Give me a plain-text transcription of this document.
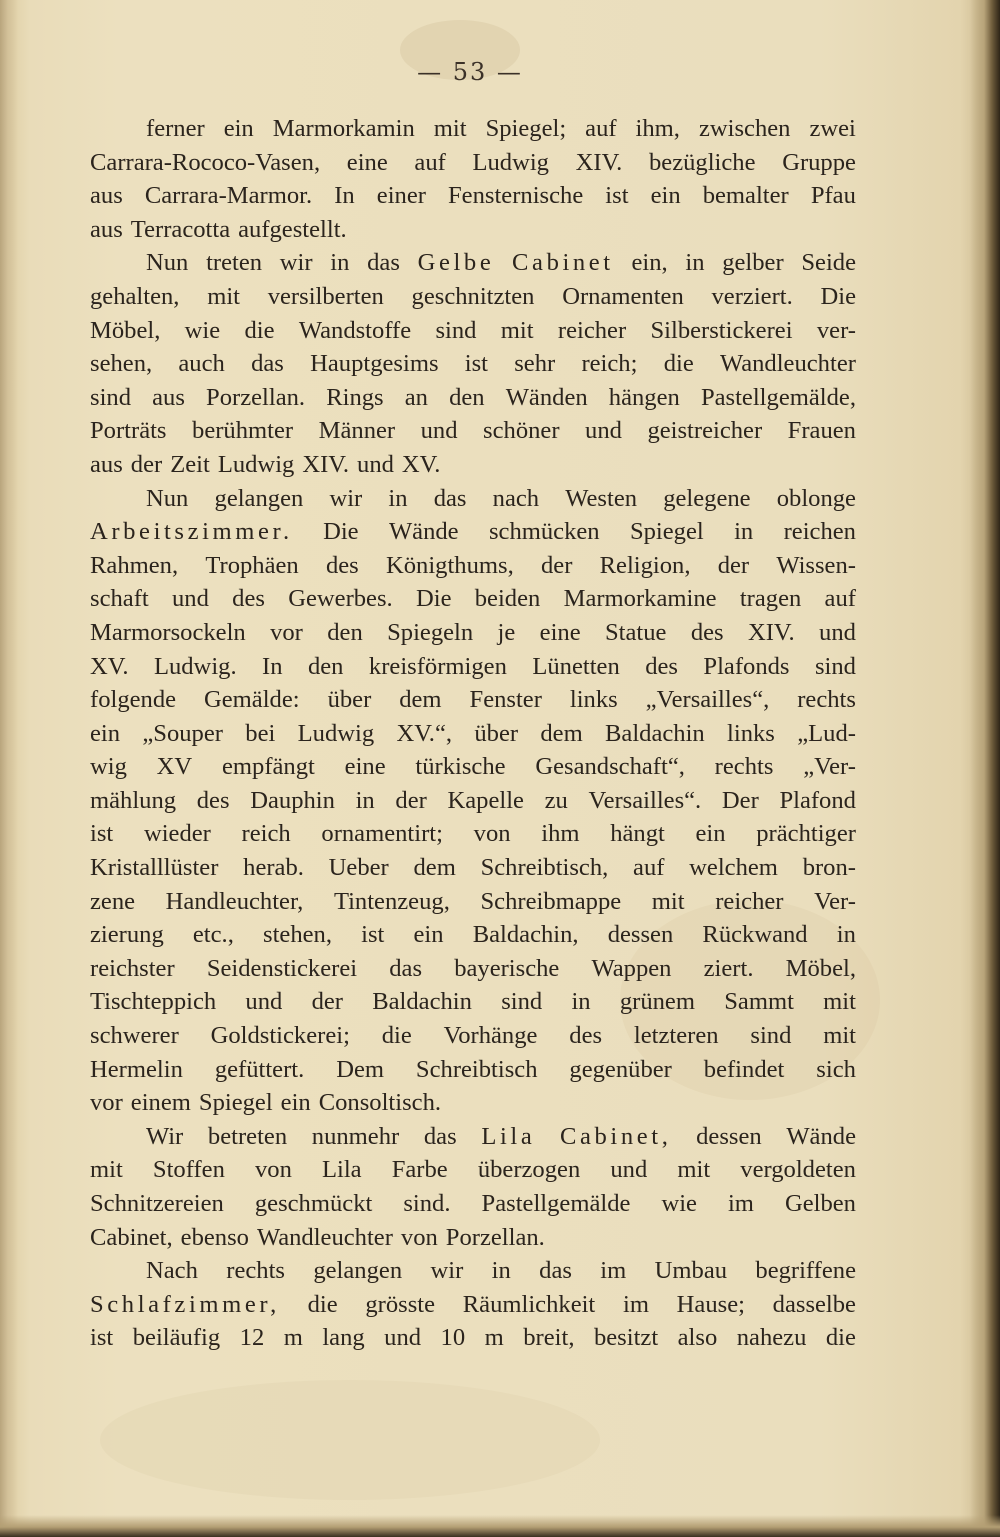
— 53 —
ferner ein Marmorkamin mit Spiegel; auf ihm, zwischen zwei
Carrara-Rococo-Vasen, eine auf Ludwig XIV. bezügliche Gruppe
aus Carrara-Marmor. In einer Fensternische ist ein bemalter Pfau
aus Terracotta aufgestellt.
Nun treten wir in das Gelbe Cabinet ein, in gelber Seide
gehalten, mit versilberten geschnitzten Ornamenten verziert. Die
Möbel, wie die Wandstoffe sind mit reicher Silberstickerei ver-
sehen, auch das Hauptgesims ist sehr reich; die Wandleuchter
sind aus Porzellan. Rings an den Wänden hängen Pastellgemälde,
Porträts berühmter Männer und schöner und geistreicher Frauen
aus der Zeit Ludwig XIV. und XV.
Nun gelangen wir in das nach Westen gelegene oblonge
Arbeitszimmer. Die Wände schmücken Spiegel in reichen
Rahmen, Trophäen des Königthums, der Religion, der Wissen-
schaft und des Gewerbes. Die beiden Marmorkamine tragen auf
Marmorsockeln vor den Spiegeln je eine Statue des XIV. und
XV. Ludwig. In den kreisförmigen Lünetten des Plafonds sind
folgende Gemälde: über dem Fenster links „Versailles“, rechts
ein „Souper bei Ludwig XV.“, über dem Baldachin links „Lud-
wig XV empfängt eine türkische Gesandschaft“, rechts „Ver-
mählung des Dauphin in der Kapelle zu Versailles“. Der Plafond
ist wieder reich ornamentirt; von ihm hängt ein prächtiger
Kristalllüster herab. Ueber dem Schreibtisch, auf welchem bron-
zene Handleuchter, Tintenzeug, Schreibmappe mit reicher Ver-
zierung etc., stehen, ist ein Baldachin, dessen Rückwand in
reichster Seidenstickerei das bayerische Wappen ziert. Möbel,
Tischteppich und der Baldachin sind in grünem Sammt mit
schwerer Goldstickerei; die Vorhänge des letzteren sind mit
Hermelin gefüttert. Dem Schreibtisch gegenüber befindet sich
vor einem Spiegel ein Consoltisch.
Wir betreten nunmehr das Lila Cabinet, dessen Wände
mit Stoffen von Lila Farbe überzogen und mit vergoldeten
Schnitzereien geschmückt sind. Pastellgemälde wie im Gelben
Cabinet, ebenso Wandleuchter von Porzellan.
Nach rechts gelangen wir in das im Umbau begriffene
Schlafzimmer, die grösste Räumlichkeit im Hause; dasselbe
ist beiläufig 12 m lang und 10 m breit, besitzt also nahezu die
